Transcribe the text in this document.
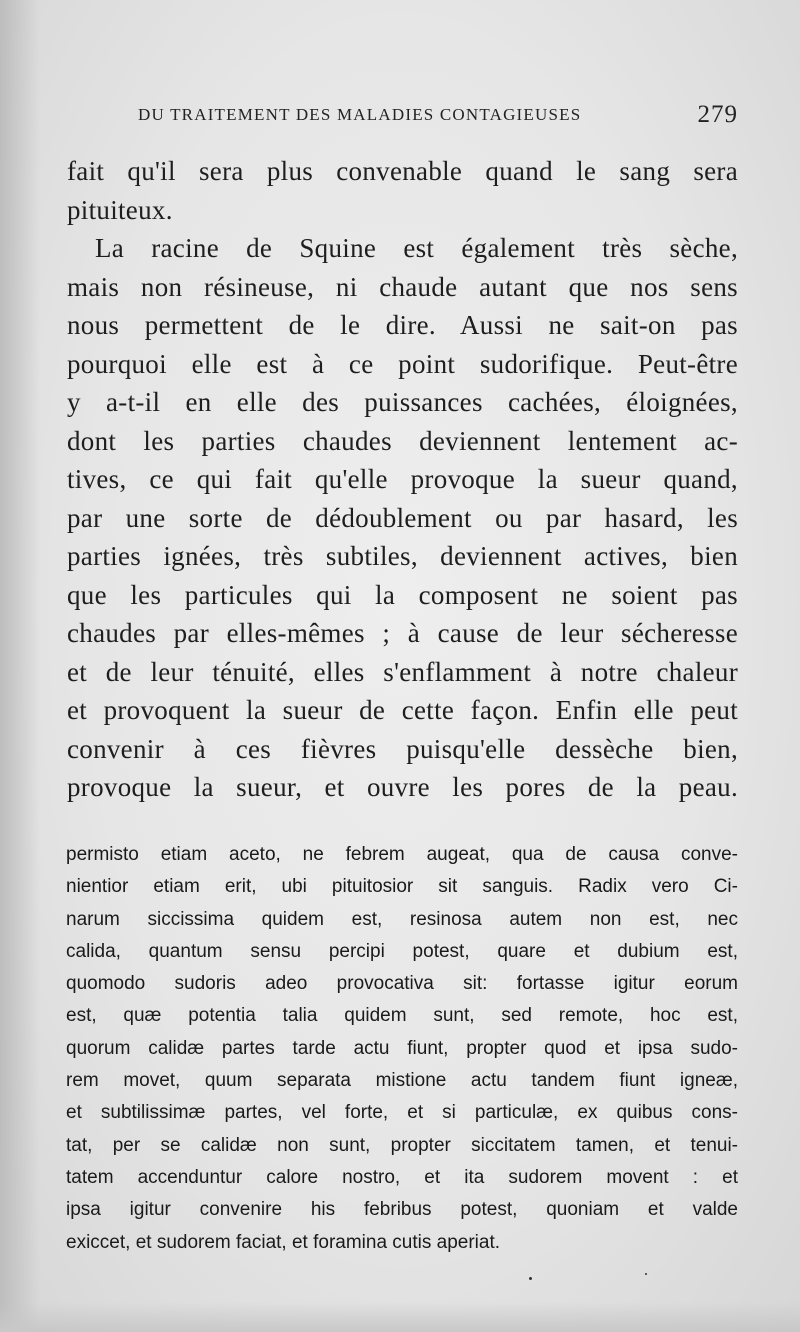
DU TRAITEMENT DES MALADIES CONTAGIEUSES	279
fait qu'il sera plus convenable quand le sang sera
pituiteux.
La racine de Squine est également très sèche,
mais non résineuse, ni chaude autant que nos sens
nous permettent de le dire. Aussi ne sait-on pas
pourquoi elle est à ce point sudorifique. Peut-être
y a-t-il en elle des puissances cachées, éloignées,
dont les parties chaudes deviennent lentement ac-
tives, ce qui fait qu'elle provoque la sueur quand,
par une sorte de dédoublement ou par hasard, les
parties ignées, très subtiles, deviennent actives, bien
que les particules qui la composent ne soient pas
chaudes par elles-mêmes ; à cause de leur sécheresse
et de leur ténuité, elles s'enflamment à notre chaleur
et provoquent la sueur de cette façon. Enfin elle peut
convenir à ces fièvres puisqu'elle dessèche bien,
provoque la sueur, et ouvre les pores de la peau.
permisto etiam aceto, ne febrem augeat, qua de causa conve-
nientior etiam erit, ubi pituitosior sit sanguis. Radix vero Ci-
narum siccissima quidem est, resinosa autem non est, nec
calida, quantum sensu percipi potest, quare et dubium est,
quomodo sudoris adeo provocativa sit: fortasse igitur eorum
est, quæ potentia talia quidem sunt, sed remote, hoc est,
quorum calidæ partes tarde actu fiunt, propter quod et ipsa sudo-
rem movet, quum separata mistione actu tandem fiunt igneæ,
et subtilissimæ partes, vel forte, et si particulæ, ex quibus cons-
tat, per se calidæ non sunt, propter siccitatem tamen, et tenui-
tatem accenduntur calore nostro, et ita sudorem movent : et
ipsa igitur convenire his febribus potest, quoniam et valde
exiccet, et sudorem faciat, et foramina cutis aperiat.
